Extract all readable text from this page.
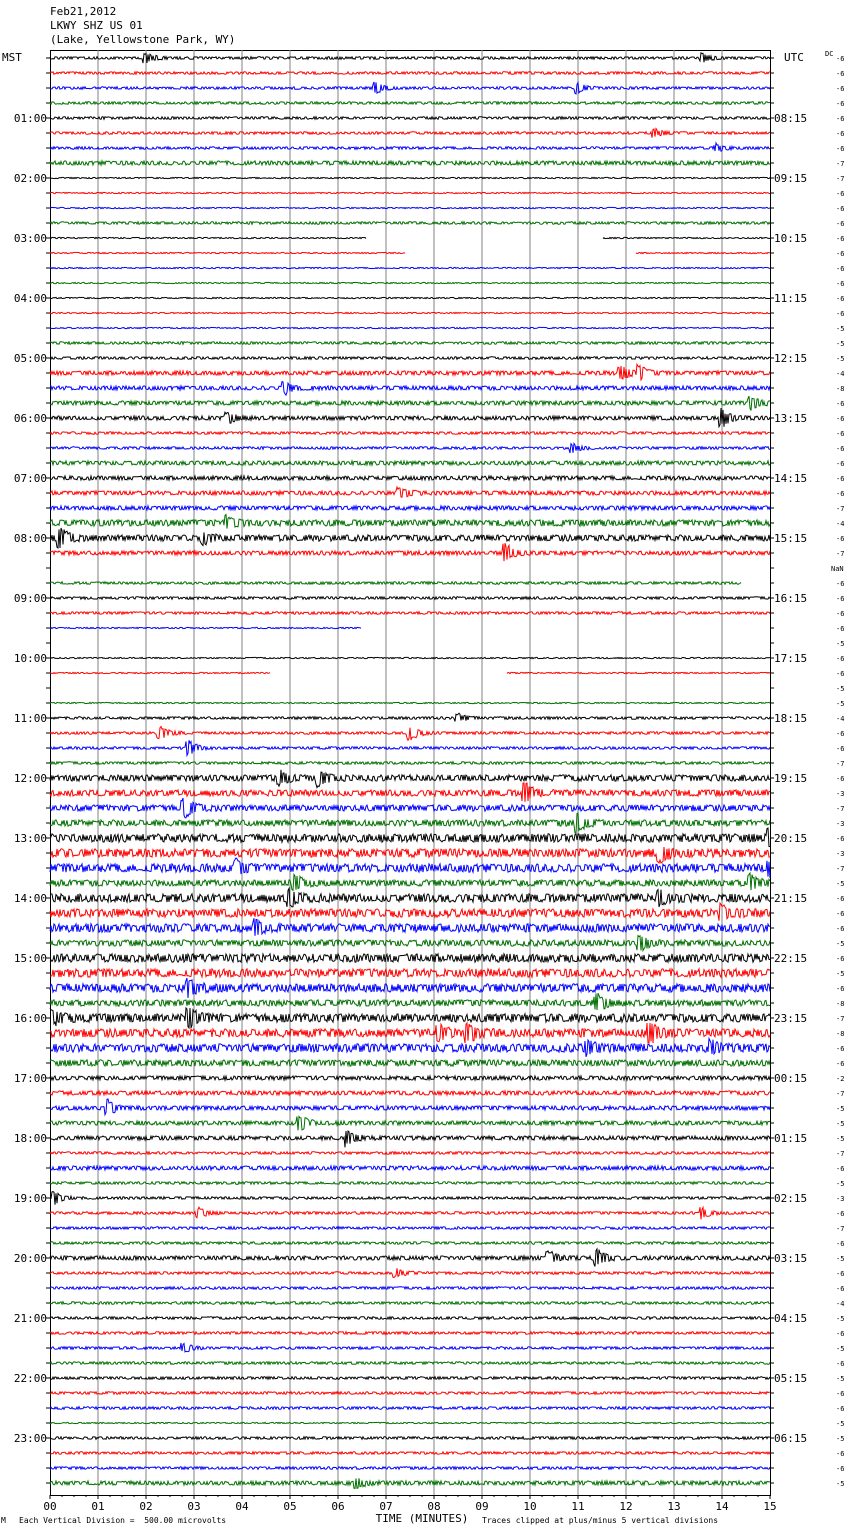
Feb21,2012
LKWY SHZ US 01
(Lake, Yellowstone Park, WY)
MST	UTC
01:00
02:00
03:00
04:00
05:00
06:00
07:00
08:00
09:00
10:00
11:00
12:00
13:00
14:00
15:00
16:00
17:00
18:00
19:00
20:00
21:00
22:00
23:00
08:15
09:15
10:15
11:15
12:15
13:15
14:15
15:15
16:15
17:15
18:15
19:15
20:15
21:15
22:15
23:15
00:15
01:15
02:15
03:15
04:15
05:15
06:15
-6
-6
-6
-6
-6
-6
-6
-7
-7
-6
-6
-6
-6
-6
-6
-6
-6
-6
-5
-5
-5
-4
-8
-6
-6
-6
-6
-6
-6
-6
-7
-4
-6
-7
-6
-6
-6
-6
-5
-6
-6
-5
-5
-4
-6
-6
-7
-6
-3
-7
-3
-6
-3
-7
-5
-6
-6
-6
-5
-6
-5
-6
-8
-7
-8
-6
-6
-2
-7
-5
-5
-5
-7
-6
-5
-3
-6
-7
-6
-5
-6
-6
-4
-5
-6
-5
-6
-5
-6
-6
-5
-5
-6
-6
-5
00	01	02	03	04	05	06	07	08	09	10	11	12	13	14	15
TIME (MINUTES)
DC
NaN
M Each Vertical Division =  500.00 microvolts	Traces clipped at plus/minus 5 vertical divisions
